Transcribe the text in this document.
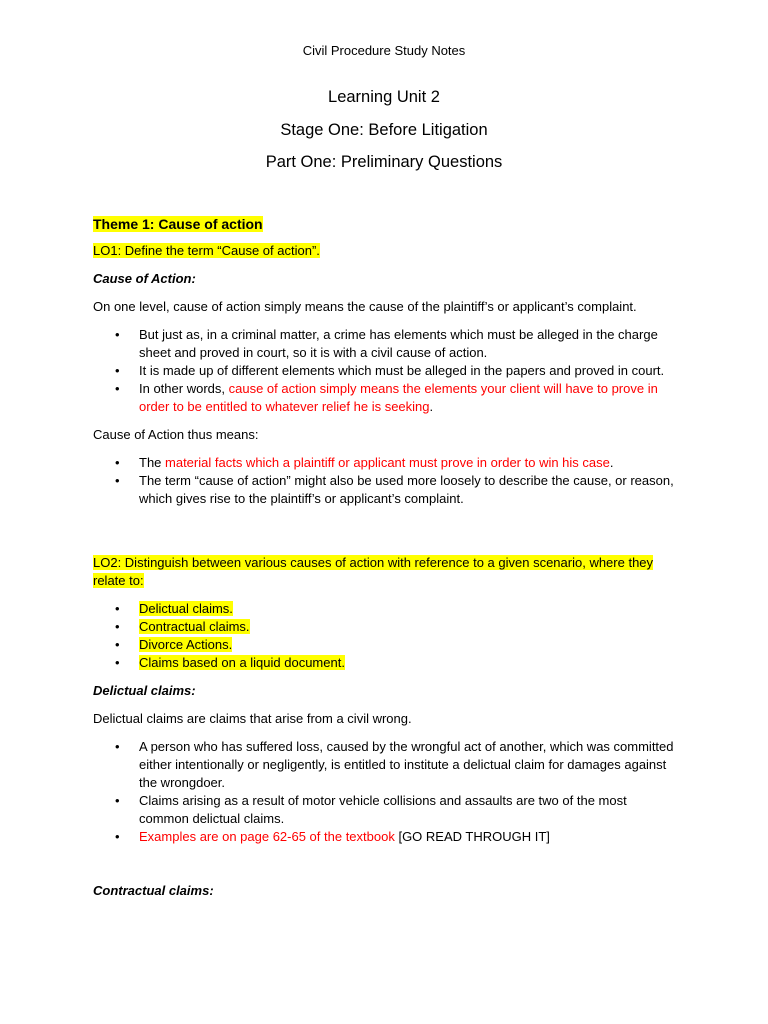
Civil Procedure Study Notes
Learning Unit 2
Stage One: Before Litigation
Part One: Preliminary Questions

Theme 1: Cause of action

LO1: Define the term “Cause of action”.

Cause of Action:

On one level, cause of action simply means the cause of the plaintiff’s or applicant’s complaint.

• But just as, in a criminal matter, a crime has elements which must be alleged in the charge sheet and proved in court, so it is with a civil cause of action.
• It is made up of different elements which must be alleged in the papers and proved in court.
• In other words, cause of action simply means the elements your client will have to prove in order to be entitled to whatever relief he is seeking.

Cause of Action thus means:

• The material facts which a plaintiff or applicant must prove in order to win his case.
• The term “cause of action” might also be used more loosely to describe the cause, or reason, which gives rise to the plaintiff’s or applicant’s complaint.

LO2: Distinguish between various causes of action with reference to a given scenario, where they relate to:

• Delictual claims.
• Contractual claims.
• Divorce Actions.
• Claims based on a liquid document.

Delictual claims:

Delictual claims are claims that arise from a civil wrong.

• A person who has suffered loss, caused by the wrongful act of another, which was committed either intentionally or negligently, is entitled to institute a delictual claim for damages against the wrongdoer.
• Claims arising as a result of motor vehicle collisions and assaults are two of the most common delictual claims.
• Examples are on page 62-65 of the textbook [GO READ THROUGH IT]

Contractual claims:
